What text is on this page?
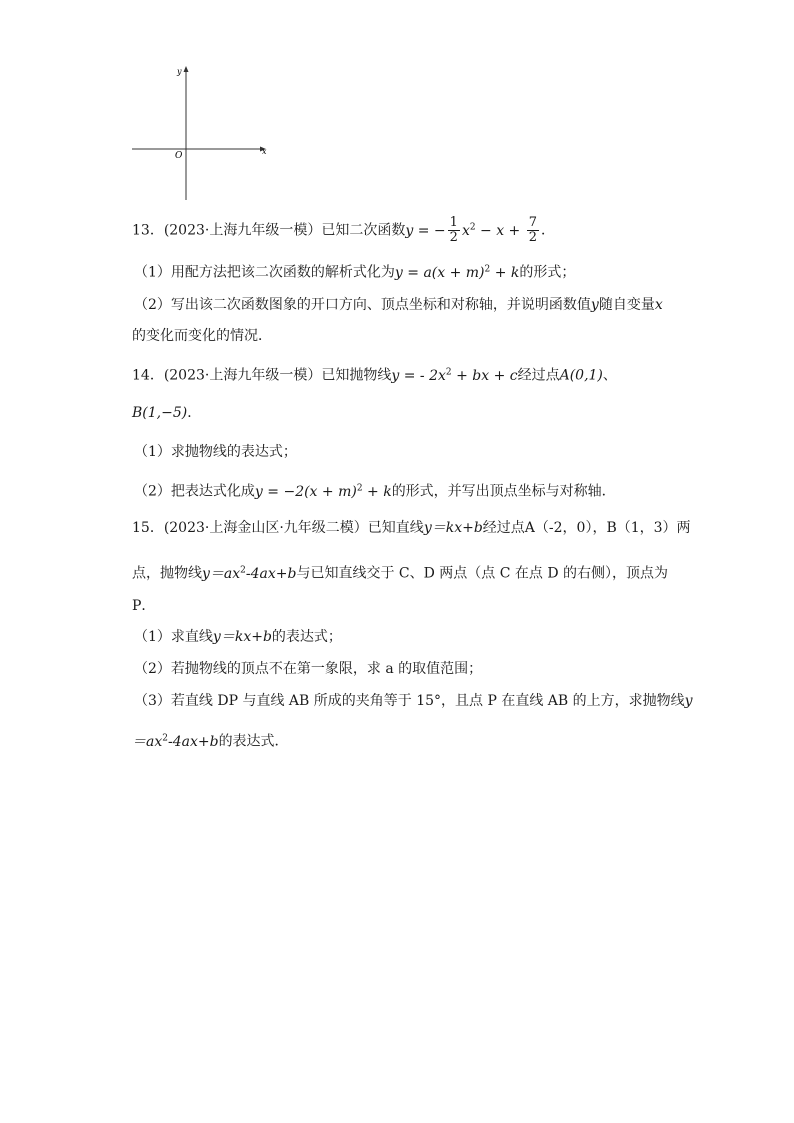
y
x
O
13．(2023·上海九年级一模）已知二次函数y = − $\frac{1}{2} x^2 - x + \frac{7}{2}$ ．
（1）用配方法把该二次函数的解析式化为$y = a(x + m)^2 + k$的形式；
（2）写出该二次函数图象的开口方向、顶点坐标和对称轴，并说明函数值y随自变量x
的变化而变化的情况．
14．(2023·上海九年级一模）已知抛物线y = - $2x^2$ + bx + c经过点A(0,1)、
B(1,−5)．
（1）求抛物线的表达式；
（2）把表达式化成$y = -2(x + m)^2 + k$的形式，并写出顶点坐标与对称轴．
15．(2023·上海金山区·九年级二模）已知直线y＝kx+b经过点A（-2，0），B（1，3）两
点，抛物线$y=ax^2-4ax+b$与已知直线交于 C、D 两点（点 C 在点 D 的右侧），顶点为
P．
（1）求直线y＝kx+b的表达式；
（2）若抛物线的顶点不在第一象限，求 a 的取值范围；
（3）若直线 DP 与直线 AB 所成的夹角等于 15°，且点 P 在直线 AB 的上方，求抛物线y
$=ax^2-4ax+b$的表达式．
